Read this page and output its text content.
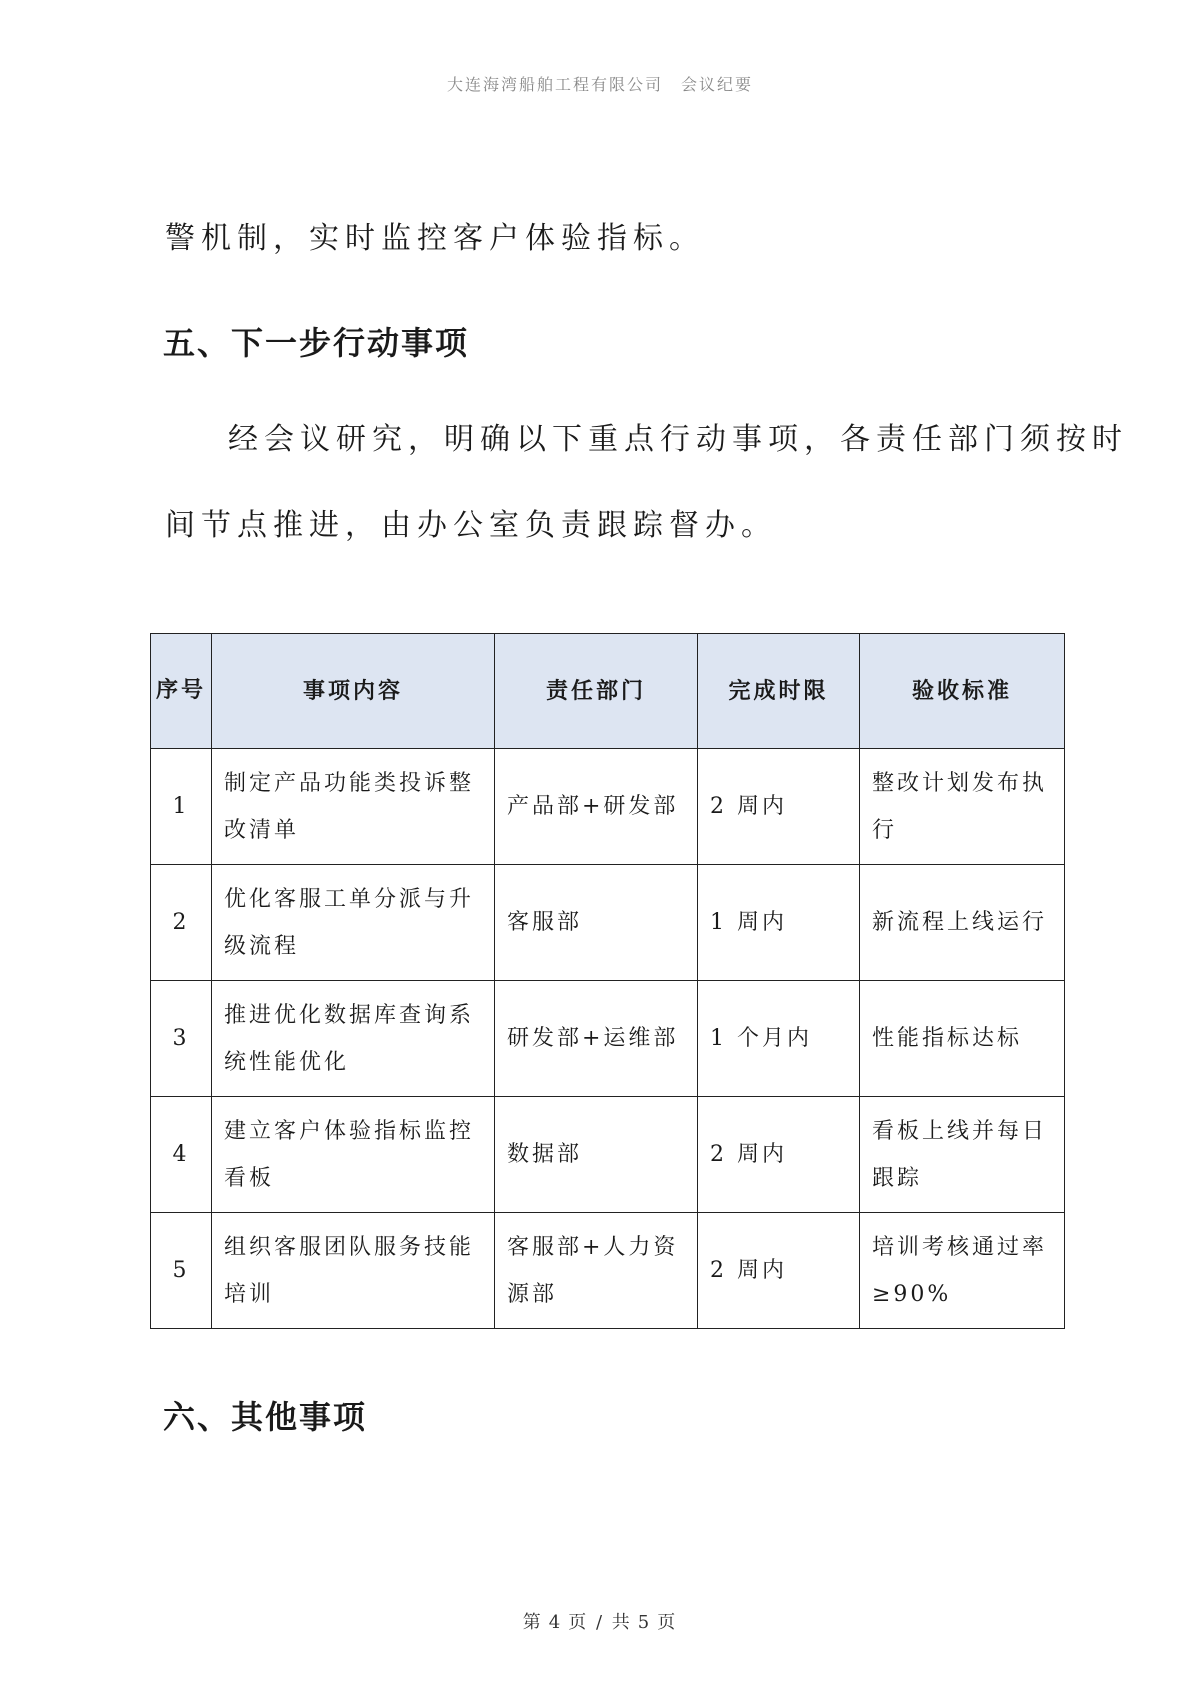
大连海湾船舶工程有限公司 会议纪要
警机制，实时监控客户体验指标。
五、下一步行动事项
经会议研究，明确以下重点行动事项，各责任部门须按时
间节点推进，由办公室负责跟踪督办。
序号	事项内容	责任部门	完成时限	验收标准
1	制定产品功能类投诉整改清单	产品部+研发部	2 周内	整改计划发布执行
2	优化客服工单分派与升级流程	客服部	1 周内	新流程上线运行
3	推进优化数据库查询系统性能优化	研发部+运维部	1 个月内	性能指标达标
4	建立客户体验指标监控看板	数据部	2 周内	看板上线并每日跟踪
5	组织客服团队服务技能培训	客服部+人力资源部	2 周内	培训考核通过率≥90%
六、其他事项
第 4 页 / 共 5 页
